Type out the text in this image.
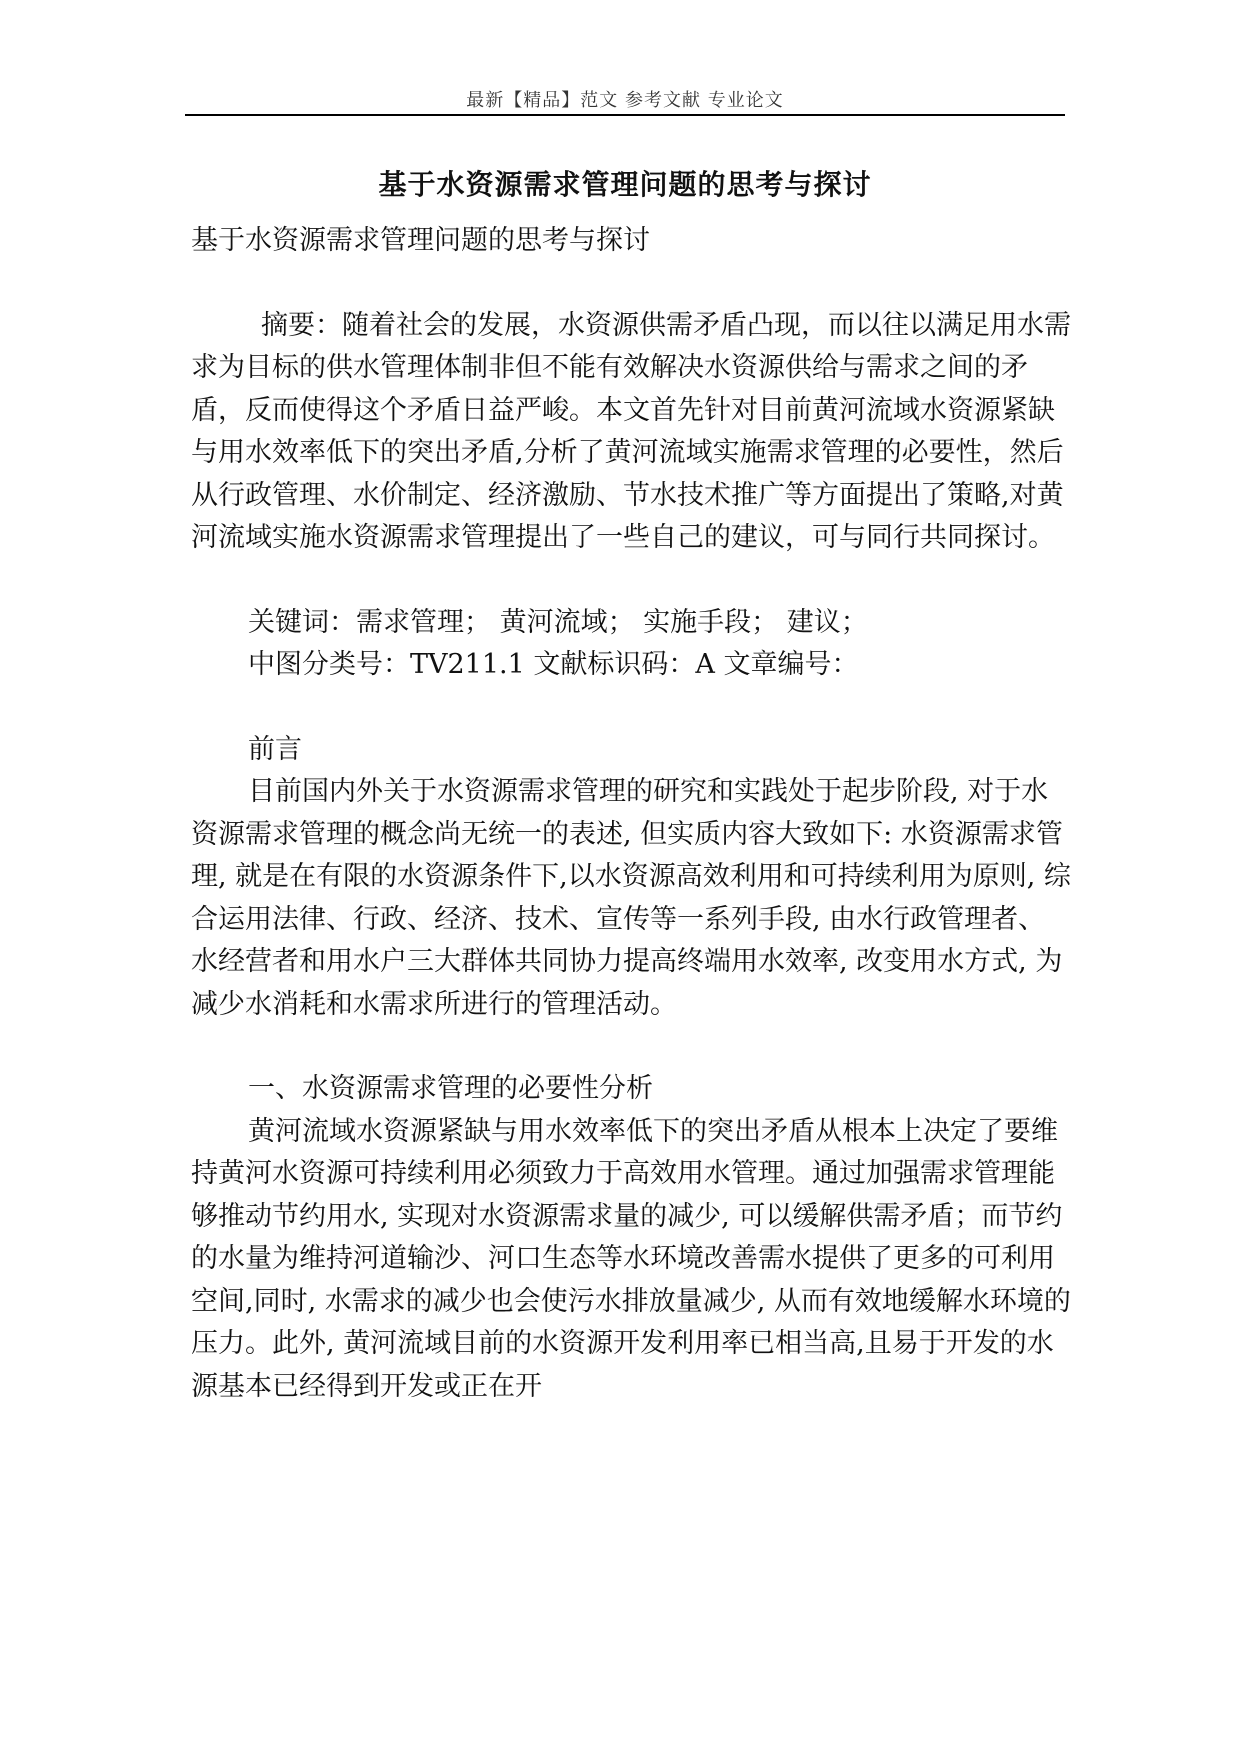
最新【精品】范文 参考文献 专业论文
基于水资源需求管理问题的思考与探讨

基于水资源需求管理问题的思考与探讨

摘要：随着社会的发展，水资源供需矛盾凸现，而以往以满足用水需求为目标的供水管理体制非但不能有效解决水资源供给与需求之间的矛盾，反而使得这个矛盾日益严峻。本文首先针对目前黄河流域水资源紧缺与用水效率低下的突出矛盾,分析了黄河流域实施需求管理的必要性，然后从行政管理、水价制定、经济激励、节水技术推广等方面提出了策略,对黄河流域实施水资源需求管理提出了一些自己的建议，可与同行共同探讨。

关键词：需求管理； 黄河流域； 实施手段； 建议；

中图分类号：TV211.1 文献标识码：A 文章编号：

前言

目前国内外关于水资源需求管理的研究和实践处于起步阶段, 对于水资源需求管理的概念尚无统一的表述, 但实质内容大致如下: 水资源需求管理, 就是在有限的水资源条件下,以水资源高效利用和可持续利用为原则, 综合运用法律、行政、经济、技术、宣传等一系列手段, 由水行政管理者、水经营者和用水户三大群体共同协力提高终端用水效率, 改变用水方式, 为减少水消耗和水需求所进行的管理活动。

一、水资源需求管理的必要性分析

黄河流域水资源紧缺与用水效率低下的突出矛盾从根本上决定了要维持黄河水资源可持续利用必须致力于高效用水管理。通过加强需求管理能够推动节约用水, 实现对水资源需求量的减少, 可以缓解供需矛盾；而节约的水量为维持河道输沙、河口生态等水环境改善需水提供了更多的可利用空间,同时, 水需求的减少也会使污水排放量减少, 从而有效地缓解水环境的压力。此外, 黄河流域目前的水资源开发利用率已相当高,且易于开发的水源基本已经得到开发或正在开
